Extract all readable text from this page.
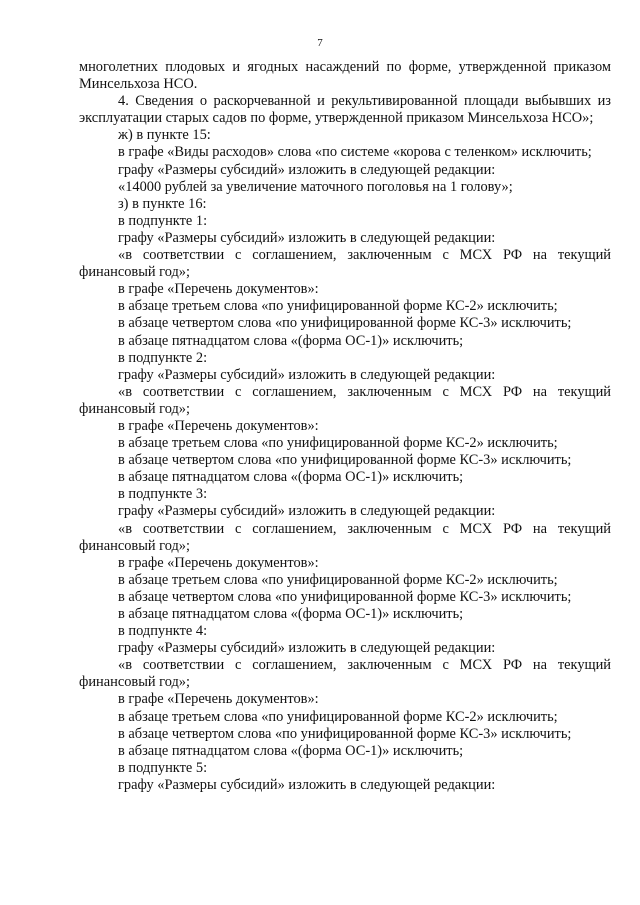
7

многолетних плодовых и ягодных насаждений по форме, утвержденной приказом Минсельхоза НСО.

4. Сведения о раскорчеванной и рекультивированной площади выбывших из эксплуатации старых садов по форме, утвержденной приказом Минсельхоза НСО»;

ж) в пункте 15:

в графе «Виды расходов» слова «по системе «корова с теленком» исключить;

графу «Размеры субсидий» изложить в следующей редакции:

«14000 рублей за увеличение маточного поголовья на 1 голову»;

з) в пункте 16:

в подпункте 1:

графу «Размеры субсидий» изложить в следующей редакции:

«в соответствии с соглашением, заключенным с МСХ РФ на текущий финансовый год»;

в графе «Перечень документов»:

в абзаце третьем слова «по унифицированной форме КС-2» исключить;

в абзаце четвертом слова «по унифицированной форме КС-3» исключить;

в абзаце пятнадцатом слова «(форма ОС-1)» исключить;

в подпункте 2:

графу «Размеры субсидий» изложить в следующей редакции:

«в соответствии с соглашением, заключенным с МСХ РФ на текущий финансовый год»;

в графе «Перечень документов»:

в абзаце третьем слова «по унифицированной форме КС-2» исключить;

в абзаце четвертом слова «по унифицированной форме КС-3» исключить;

в абзаце пятнадцатом слова «(форма ОС-1)» исключить;

в подпункте 3:

графу «Размеры субсидий» изложить в следующей редакции:

«в соответствии с соглашением, заключенным с МСХ РФ на текущий финансовый год»;

в графе «Перечень документов»:

в абзаце третьем слова «по унифицированной форме КС-2» исключить;

в абзаце четвертом слова «по унифицированной форме КС-3» исключить;

в абзаце пятнадцатом слова «(форма ОС-1)» исключить;

в подпункте 4:

графу «Размеры субсидий» изложить в следующей редакции:

«в соответствии с соглашением, заключенным с МСХ РФ на текущий финансовый год»;

в графе «Перечень документов»:

в абзаце третьем слова «по унифицированной форме КС-2» исключить;

в абзаце четвертом слова «по унифицированной форме КС-3» исключить;

в абзаце пятнадцатом слова «(форма ОС-1)» исключить;

в подпункте 5:

графу «Размеры субсидий» изложить в следующей редакции:
